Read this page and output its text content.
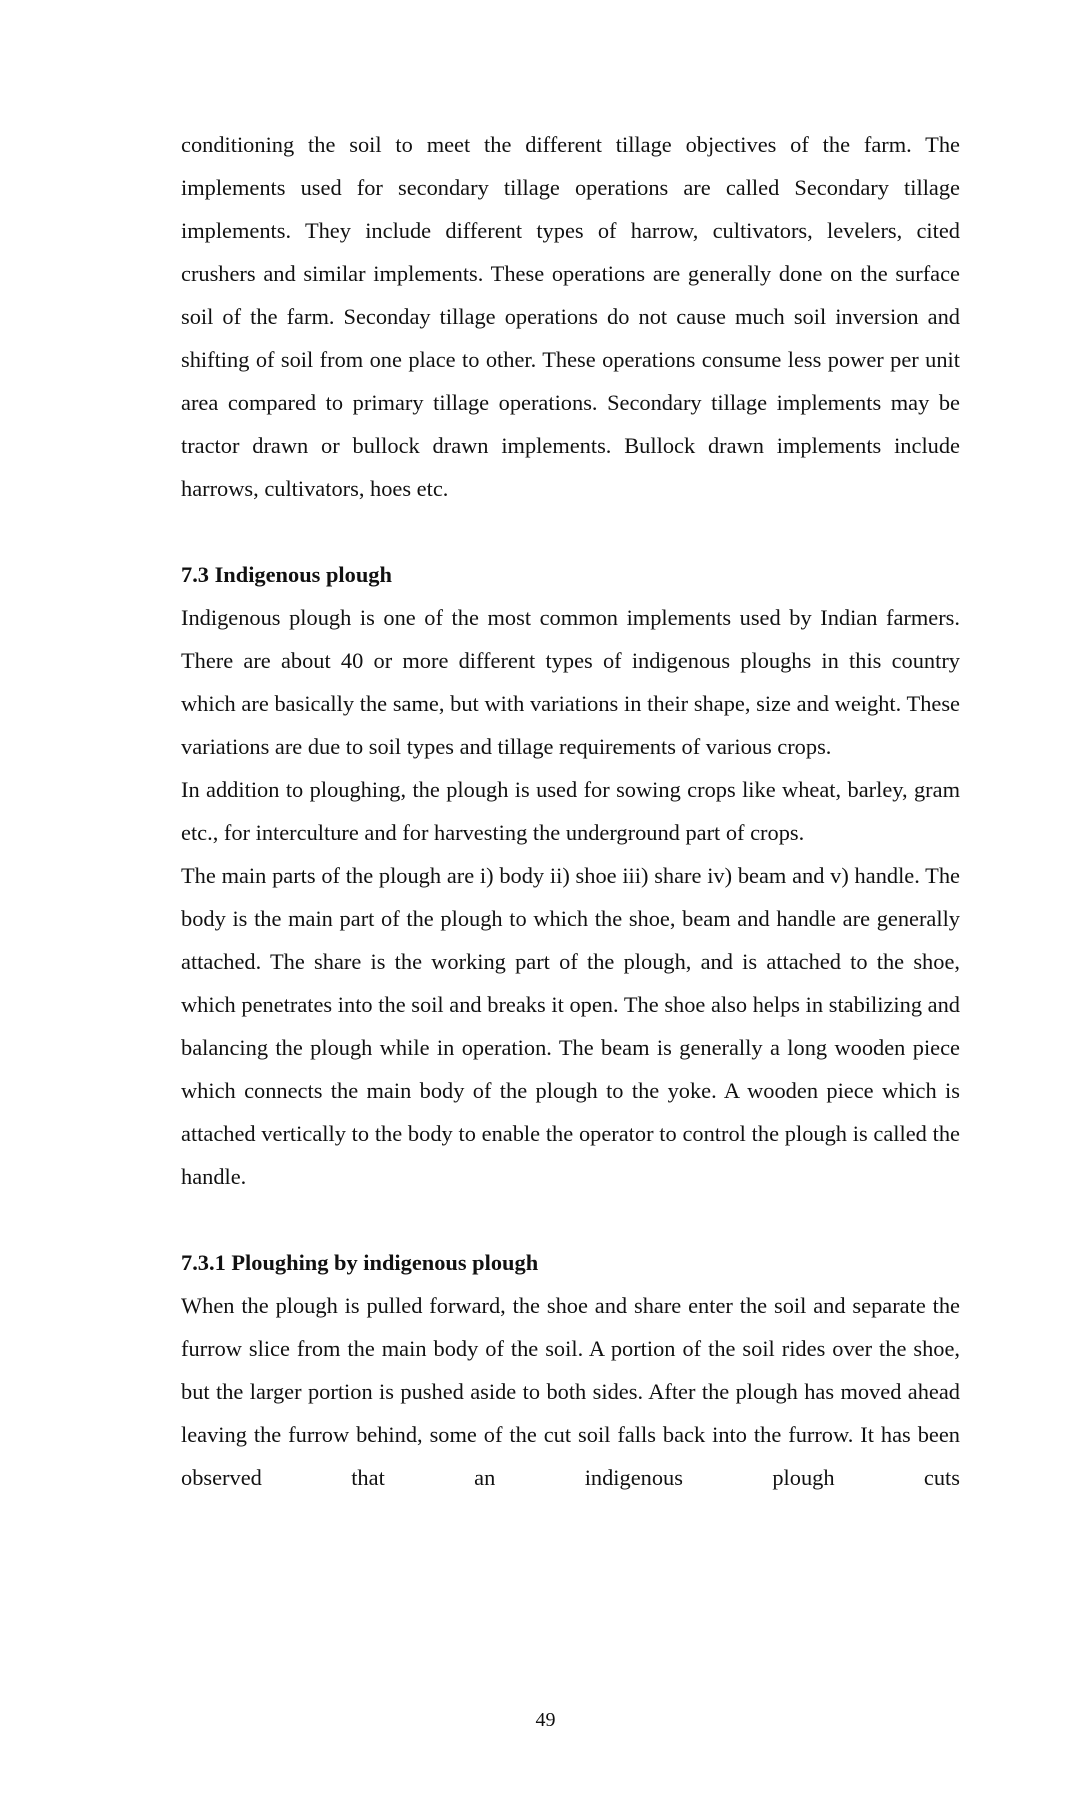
conditioning the soil to meet the different tillage objectives of the farm. The implements used for secondary tillage operations are called Secondary tillage implements. They include different types of harrow, cultivators, levelers, cited crushers and similar implements. These operations are generally done on the surface soil of the farm. Seconday tillage operations do not cause much soil inversion and shifting of soil from one place to other. These operations consume less power per unit area compared to primary tillage operations. Secondary tillage implements may be tractor drawn or bullock drawn implements. Bullock drawn implements include harrows, cultivators, hoes etc.

7.3 Indigenous plough

Indigenous plough is one of the most common implements used by Indian farmers. There are about 40 or more different types of indigenous ploughs in this country which are basically the same, but with variations in their shape, size and weight. These variations are due to soil types and tillage requirements of various crops.

In addition to ploughing, the plough is used for sowing crops like wheat, barley, gram etc., for interculture and for harvesting the underground part of crops.

The main parts of the plough are i) body ii) shoe iii) share iv) beam and v) handle. The body is the main part of the plough to which the shoe, beam and handle are generally attached. The share is the working part of the plough, and is attached to the shoe, which penetrates into the soil and breaks it open. The shoe also helps in stabilizing and balancing the plough while in operation. The beam is generally a long wooden piece which connects the main body of the plough to the yoke. A wooden piece which is attached vertically to the body to enable the operator to control the plough is called the handle.

7.3.1 Ploughing by indigenous plough

When the plough is pulled forward, the shoe and share enter the soil and separate the furrow slice from the main body of the soil. A portion of the soil rides over the shoe, but the larger portion is pushed aside to both sides. After the plough has moved ahead leaving the furrow behind, some of the cut soil falls back into the furrow. It has been observed that an indigenous plough cuts

49
